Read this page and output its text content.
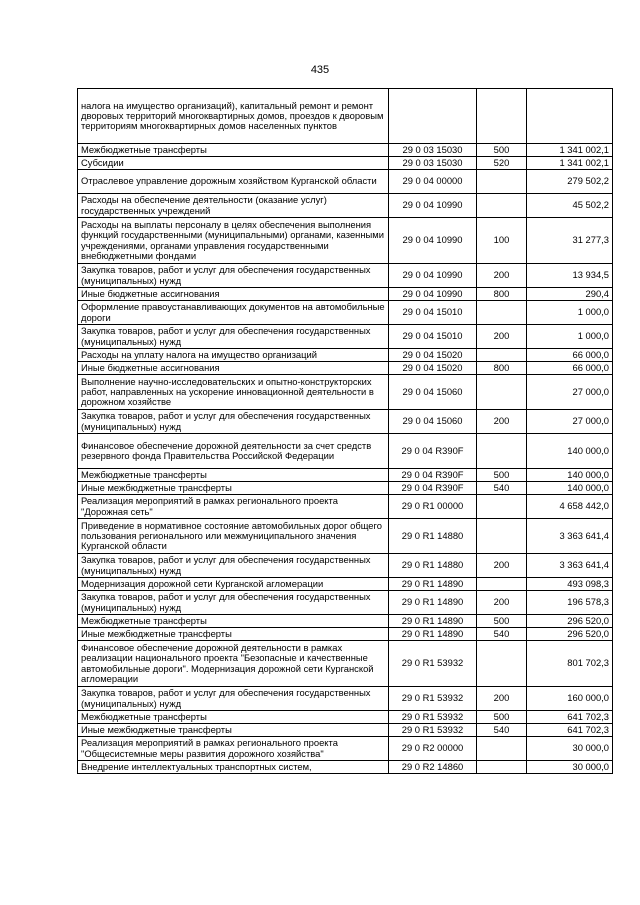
435
налога на имущество организаций), капитальный ремонт и ремонт дворовых территорий многоквартирных домов, проездов к дворовым территориям многоквартирных домов населенных пунктов			
Межбюджетные трансферты	29 0 03 15030	500	1 341 002,1
Субсидии	29 0 03 15030	520	1 341 002,1
Отраслевое управление дорожным хозяйством Курганской области	29 0 04 00000		279 502,2
Расходы на обеспечение деятельности (оказание услуг) государственных учреждений	29 0 04 10990		45 502,2
Расходы на выплаты персоналу в целях обеспечения выполнения функций государственными (муниципальными) органами, казенными учреждениями, органами управления государственными внебюджетными фондами	29 0 04 10990	100	31 277,3
Закупка товаров, работ и услуг для обеспечения государственных (муниципальных) нужд	29 0 04 10990	200	13 934,5
Иные бюджетные ассигнования	29 0 04 10990	800	290,4
Оформление правоустанавливающих документов на автомобильные дороги	29 0 04 15010		1 000,0
Закупка товаров, работ и услуг для обеспечения государственных (муниципальных) нужд	29 0 04 15010	200	1 000,0
Расходы на уплату налога на имущество организаций	29 0 04 15020		66 000,0
Иные бюджетные ассигнования	29 0 04 15020	800	66 000,0
Выполнение научно-исследовательских и опытно-конструкторских работ, направленных на ускорение инновационной деятельности в дорожном хозяйстве	29 0 04 15060		27 000,0
Закупка товаров, работ и услуг для обеспечения государственных (муниципальных) нужд	29 0 04 15060	200	27 000,0
Финансовое обеспечение дорожной деятельности за счет средств резервного фонда Правительства Российской Федерации	29 0 04 R390F		140 000,0
Межбюджетные трансферты	29 0 04 R390F	500	140 000,0
Иные межбюджетные трансферты	29 0 04 R390F	540	140 000,0
Реализация мероприятий в рамках регионального проекта "Дорожная сеть"	29 0 R1 00000		4 658 442,0
Приведение в нормативное состояние автомобильных дорог общего пользования регионального или межмуниципального значения Курганской области	29 0 R1 14880		3 363 641,4
Закупка товаров, работ и услуг для обеспечения государственных (муниципальных) нужд	29 0 R1 14880	200	3 363 641,4
Модернизация дорожной сети Курганской агломерации	29 0 R1 14890		493 098,3
Закупка товаров, работ и услуг для обеспечения государственных (муниципальных) нужд	29 0 R1 14890	200	196 578,3
Межбюджетные трансферты	29 0 R1 14890	500	296 520,0
Иные межбюджетные трансферты	29 0 R1 14890	540	296 520,0
Финансовое обеспечение дорожной деятельности в рамках реализации национального проекта "Безопасные и качественные автомобильные дороги". Модернизация дорожной сети Курганской агломерации	29 0 R1 53932		801 702,3
Закупка товаров, работ и услуг для обеспечения государственных (муниципальных) нужд	29 0 R1 53932	200	160 000,0
Межбюджетные трансферты	29 0 R1 53932	500	641 702,3
Иные межбюджетные трансферты	29 0 R1 53932	540	641 702,3
Реализация мероприятий в рамках регионального проекта "Общесистемные меры развития дорожного хозяйства"	29 0 R2 00000		30 000,0
Внедрение интеллектуальных транспортных систем,	29 0 R2 14860		30 000,0
